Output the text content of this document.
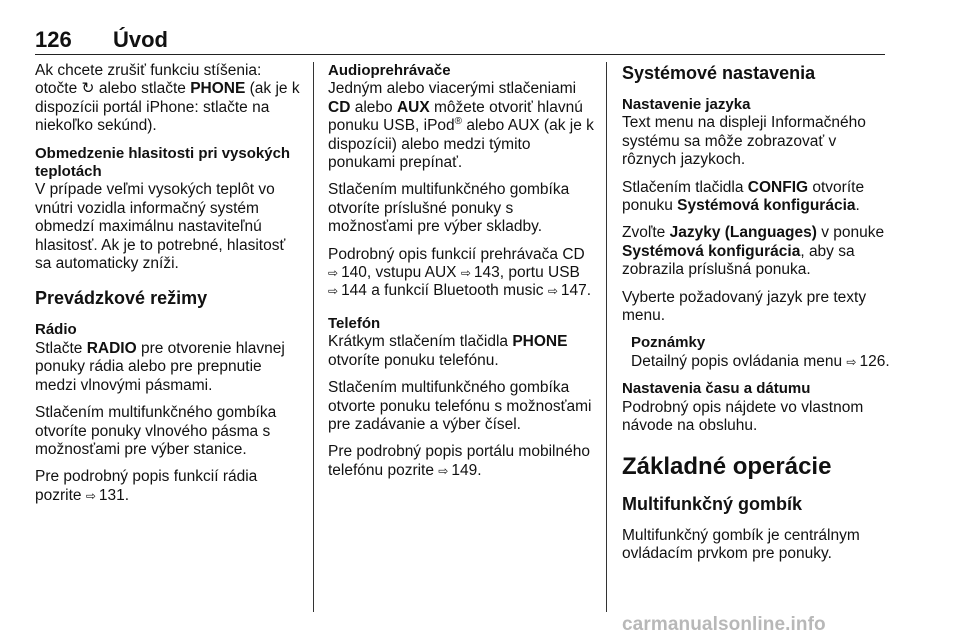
126 Úvod

Ak chcete zrušiť funkciu stíšenia: otočte ↻ alebo stlačte PHONE (ak je k dispozícii portál iPhone: stlačte na niekoľko sekúnd).

Obmedzenie hlasitosti pri vysokých teplotách

V prípade veľmi vysokých teplôt vo vnútri vozidla informačný systém obmedzí maximálnu nastaviteľnú hlasitosť. Ak je to potrebné, hlasitosť sa automaticky zníži.

Prevádzkové režimy
Rádio

Stlačte RADIO pre otvorenie hlavnej ponuky rádia alebo pre prepnutie medzi vlnovými pásmami.

Stlačením multifunkčného gombíka otvoríte ponuky vlnového pásma s možnosťami pre výber stanice.

Pre podrobný popis funkcií rádia pozrite ⇨ 131.

Audioprehrávače

Jedným alebo viacerými stlačeniami CD alebo AUX môžete otvoriť hlavnú ponuku USB, iPod® alebo AUX (ak je k dispozícii) alebo medzi týmito ponukami prepínať.

Stlačením multifunkčného gombíka otvoríte príslušné ponuky s možnosťami pre výber skladby.

Podrobný opis funkcií prehrávača CD ⇨ 140, vstupu AUX ⇨ 143, portu USB ⇨ 144 a funkcií Bluetooth music ⇨ 147.

Telefón

Krátkym stlačením tlačidla PHONE otvoríte ponuku telefónu.

Stlačením multifunkčného gombíka otvorte ponuku telefónu s možnosťami pre zadávanie a výber čísel.

Pre podrobný popis portálu mobilného telefónu pozrite ⇨ 149.

Systémové nastavenia
Nastavenie jazyka

Text menu na displeji Informačného systému sa môže zobrazovať v rôznych jazykoch.

Stlačením tlačidla CONFIG otvoríte ponuku Systémová konfigurácia.

Zvoľte Jazyky (Languages) v ponuke Systémová konfigurácia, aby sa zobrazila príslušná ponuka.

Vyberte požadovaný jazyk pre texty menu.

Poznámky
Detailný popis ovládania menu ⇨ 126.
Nastavenia času a dátumu

Podrobný opis nájdete vo vlastnom návode na obsluhu.

Základné operácie
Multifunkčný gombík

Multifunkčný gombík je centrálnym ovládacím prvkom pre ponuky.

carmanualsonline.info
